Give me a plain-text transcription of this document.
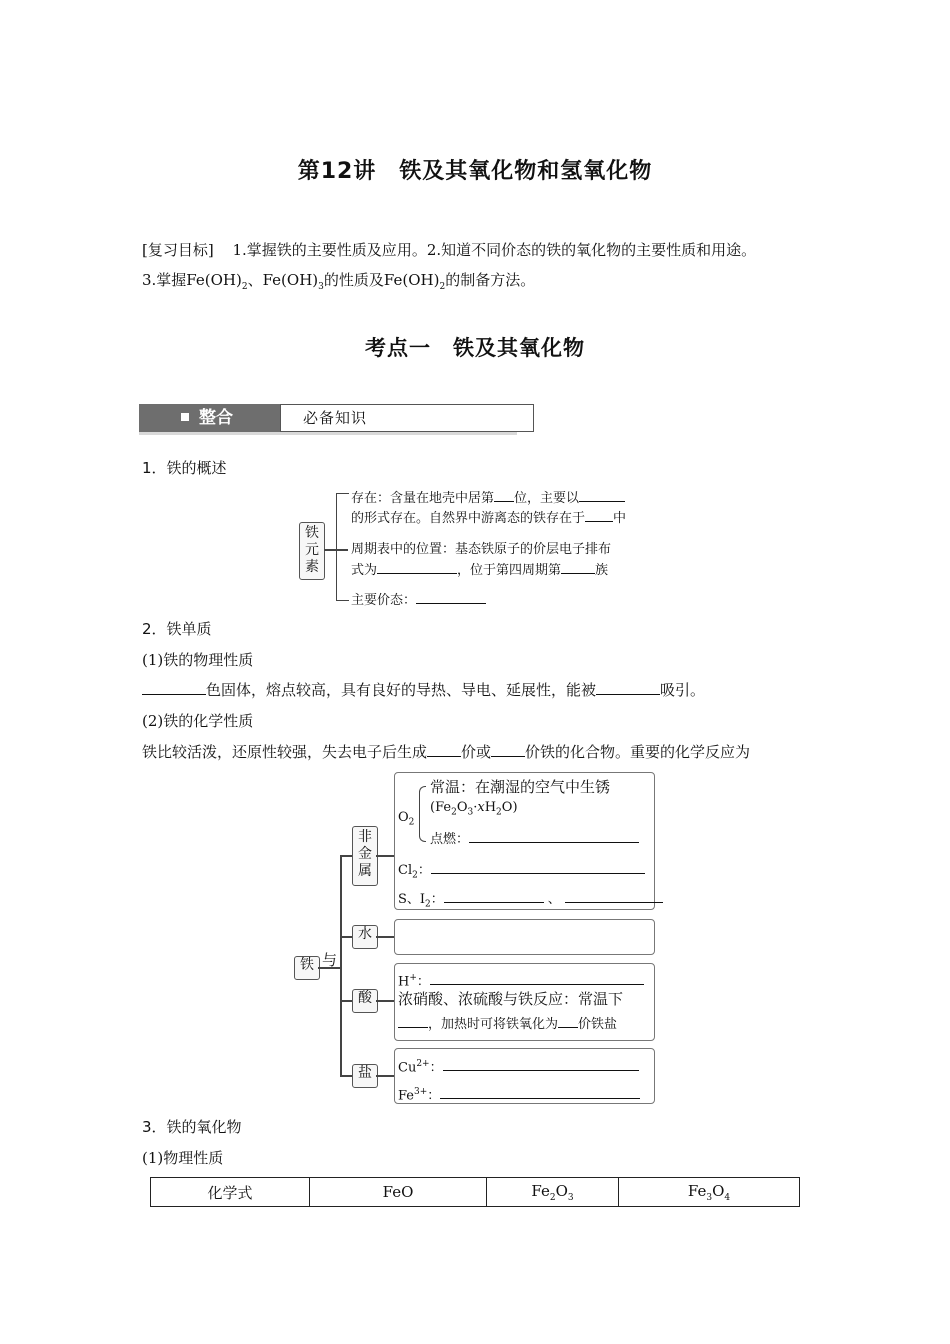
第12讲　铁及其氧化物和氢氧化物
[复习目标] 1.掌握铁的主要性质及应用。2.知道不同价态的铁的氧化物的主要性质和用途。
3.掌握$Fe(OH)_2$、$Fe(OH)_3$的性质及$Fe(OH)_2$的制备方法。
考点一　铁及其氧化物
整合	必备知识
1．铁的概述
铁
元
素
存在：含量在地壳中居第 位，主要以
的形式存在。自然界中游离态的铁存在于 中
周期表中的位置：基态铁原子的价层电子排布
式为	，位于第四周期第	族
主要价态：
2．铁单质
(1)铁的物理性质
色固体，熔点较高，具有良好的导热、导电、延展性，能被	吸引。
(2)铁的化学性质
铁比较活泼，还原性较强，失去电子后生成 价或 价铁的化合物。重要的化学反应为
铁 与
非
金
属
水
酸
盐
$O_2$
常温：在潮湿的空气中生锈
$(Fe_2O_3\cdot xH_2O)$
点燃：
$Cl_2$：
S、$I_2$：	、
H+：
浓硝酸、浓硫酸与铁反应：常温下
，加热时可将铁氧化为 价铁盐
$Cu^{2+}$：
$Fe^{3+}$：
3．铁的氧化物
(1)物理性质
化学式	FeO	$Fe_2O_3$	$Fe_3O_4$
